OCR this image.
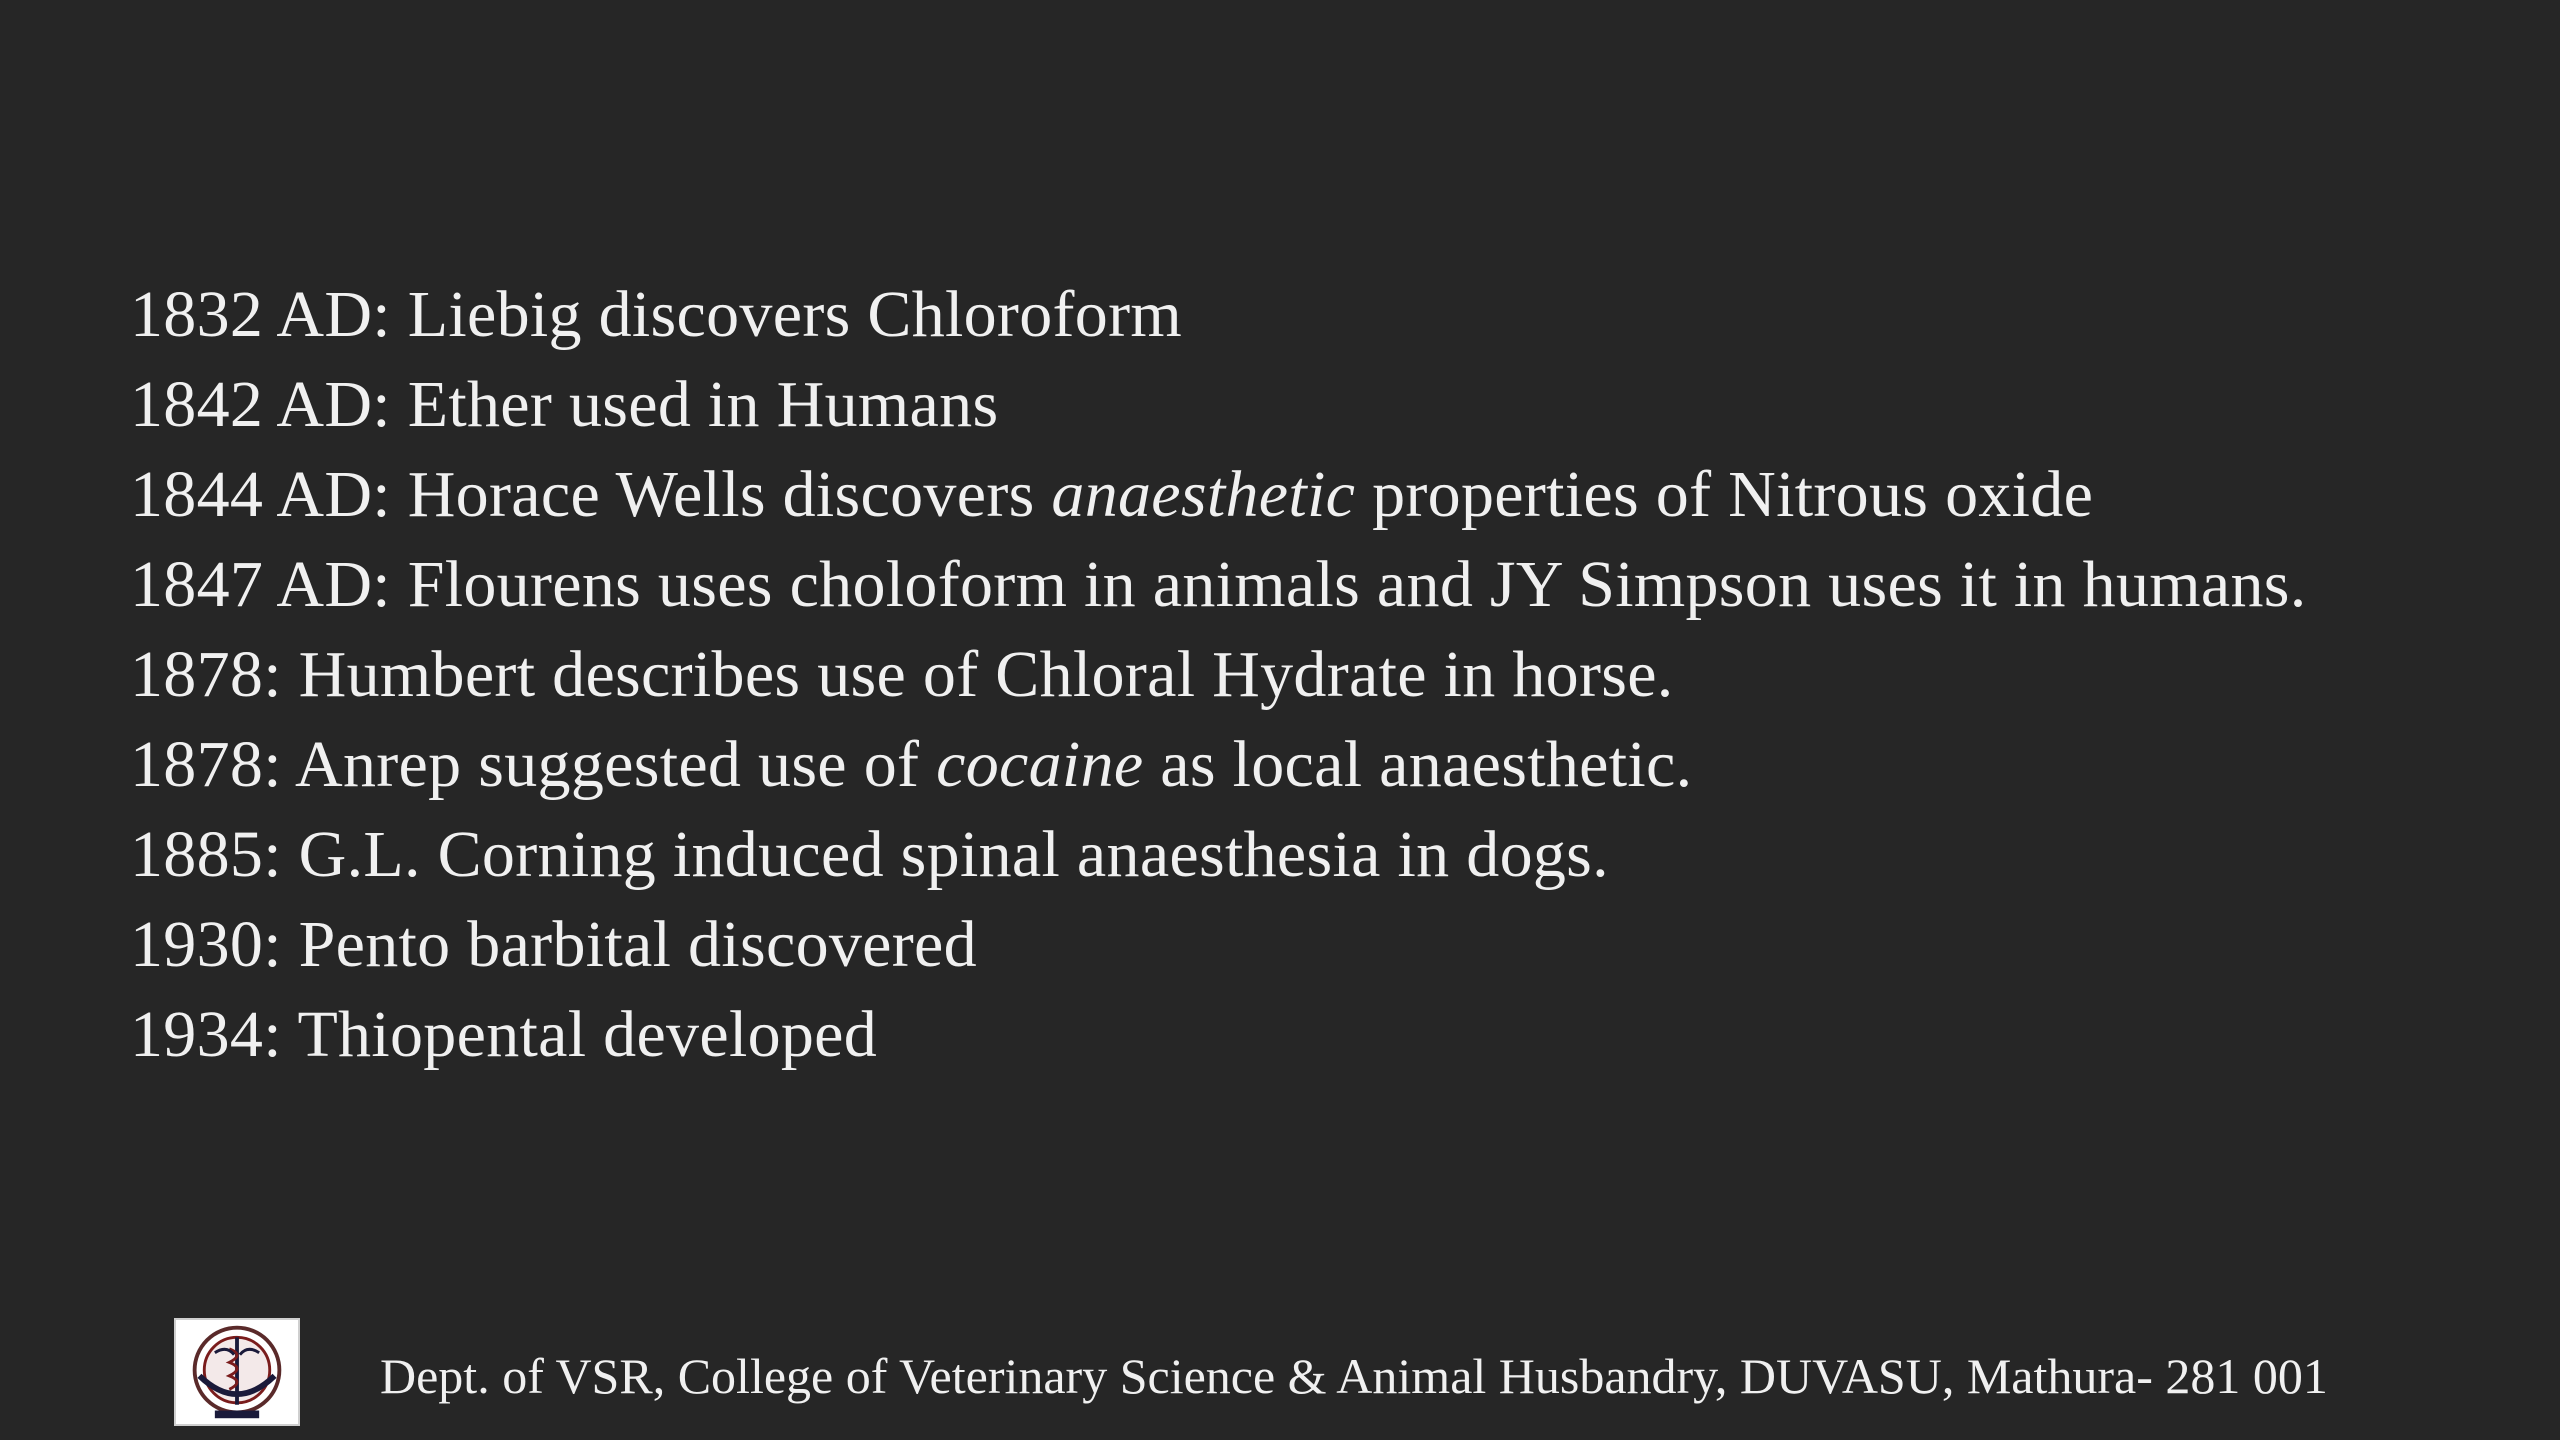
1832 AD: Liebig discovers Chloroform
1842 AD: Ether used in Humans
1844 AD: Horace Wells discovers anaesthetic properties of Nitrous oxide
1847 AD: Flourens uses choloform in animals and JY Simpson uses it in humans.
1878: Humbert describes use of Chloral Hydrate in horse.
1878: Anrep suggested use of cocaine as local anaesthetic.
1885: G.L. Corning induced spinal anaesthesia in dogs.
1930: Pento barbital discovered
1934: Thiopental developed
Dept. of VSR, College of Veterinary Science & Animal Husbandry, DUVASU, Mathura- 281 001
